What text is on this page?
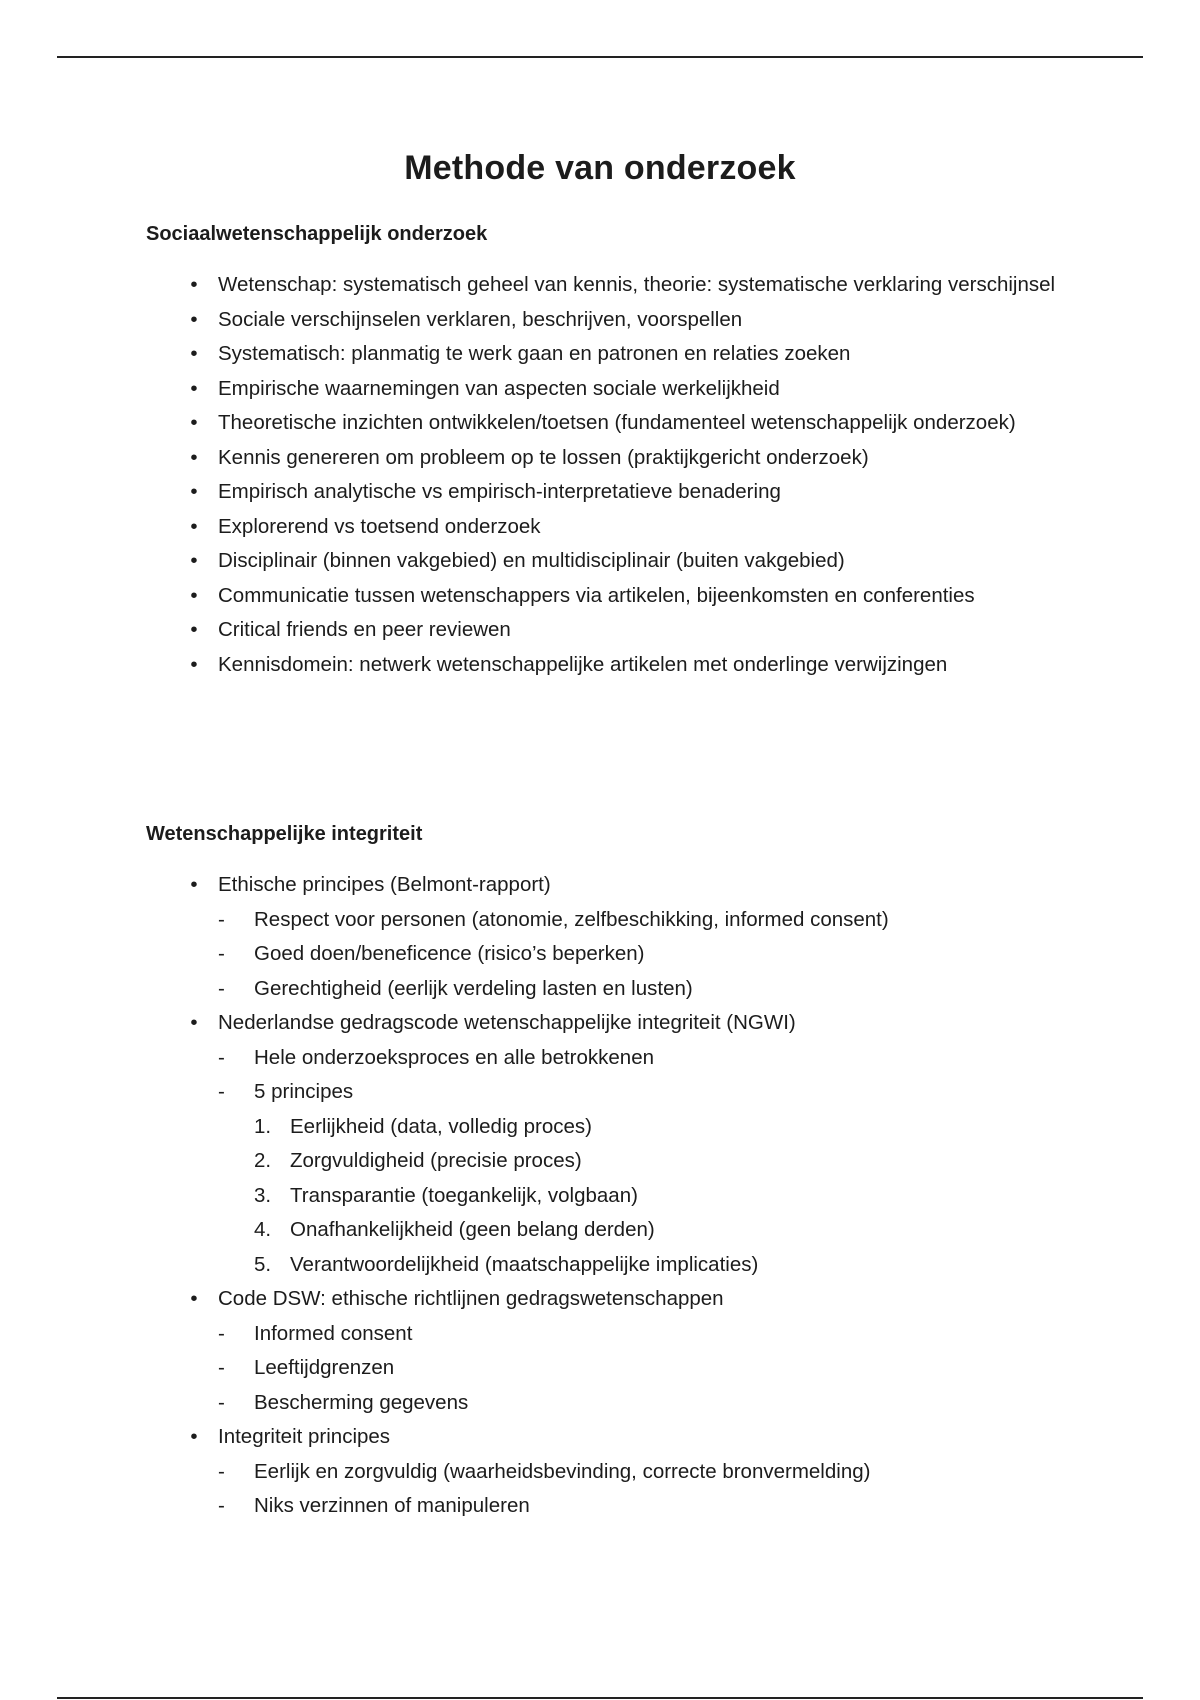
Methode van onderzoek
Sociaalwetenschappelijk onderzoek
• Wetenschap: systematisch geheel van kennis, theorie: systematische verklaring verschijnsel
• Sociale verschijnselen verklaren, beschrijven, voorspellen
• Systematisch: planmatig te werk gaan en patronen en relaties zoeken
• Empirische waarnemingen van aspecten sociale werkelijkheid
• Theoretische inzichten ontwikkelen/toetsen (fundamenteel wetenschappelijk onderzoek)
• Kennis genereren om probleem op te lossen (praktijkgericht onderzoek)
• Empirisch analytische vs empirisch-interpretatieve benadering
• Explorerend vs toetsend onderzoek
• Disciplinair (binnen vakgebied) en multidisciplinair (buiten vakgebied)
• Communicatie tussen wetenschappers via artikelen, bijeenkomsten en conferenties
• Critical friends en peer reviewen
• Kennisdomein: netwerk wetenschappelijke artikelen met onderlinge verwijzingen
Wetenschappelijke integriteit
• Ethische principes (Belmont-rapport)
- Respect voor personen (atonomie, zelfbeschikking, informed consent)
- Goed doen/beneficence (risico’s beperken)
- Gerechtigheid (eerlijk verdeling lasten en lusten)
• Nederlandse gedragscode wetenschappelijke integriteit (NGWI)
- Hele onderzoeksproces en alle betrokkenen
- 5 principes
1. Eerlijkheid (data, volledig proces)
2. Zorgvuldigheid (precisie proces)
3. Transparantie (toegankelijk, volgbaan)
4. Onafhankelijkheid (geen belang derden)
5. Verantwoordelijkheid (maatschappelijke implicaties)
• Code DSW: ethische richtlijnen gedragswetenschappen
- Informed consent
- Leeftijdgrenzen
- Bescherming gegevens
• Integriteit principes
- Eerlijk en zorgvuldig (waarheidsbevinding, correcte bronvermelding)
- Niks verzinnen of manipuleren
